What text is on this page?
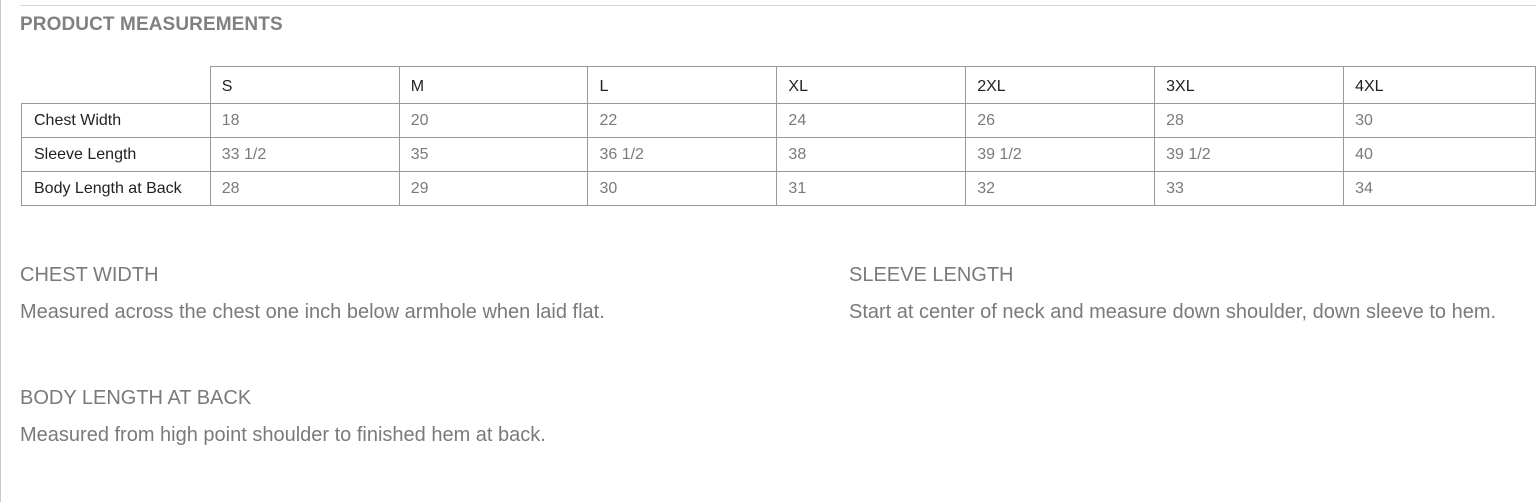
PRODUCT MEASUREMENTS
	S	M	L	XL	2XL	3XL	4XL
Chest Width	18	20	22	24	26	28	30
Sleeve Length	33 1/2	35	36 1/2	38	39 1/2	39 1/2	40
Body Length at Back	28	29	30	31	32	33	34
CHEST WIDTH

Measured across the chest one inch below armhole when laid flat.

SLEEVE LENGTH

Start at center of neck and measure down shoulder, down sleeve to hem.

BODY LENGTH AT BACK

Measured from high point shoulder to finished hem at back.
